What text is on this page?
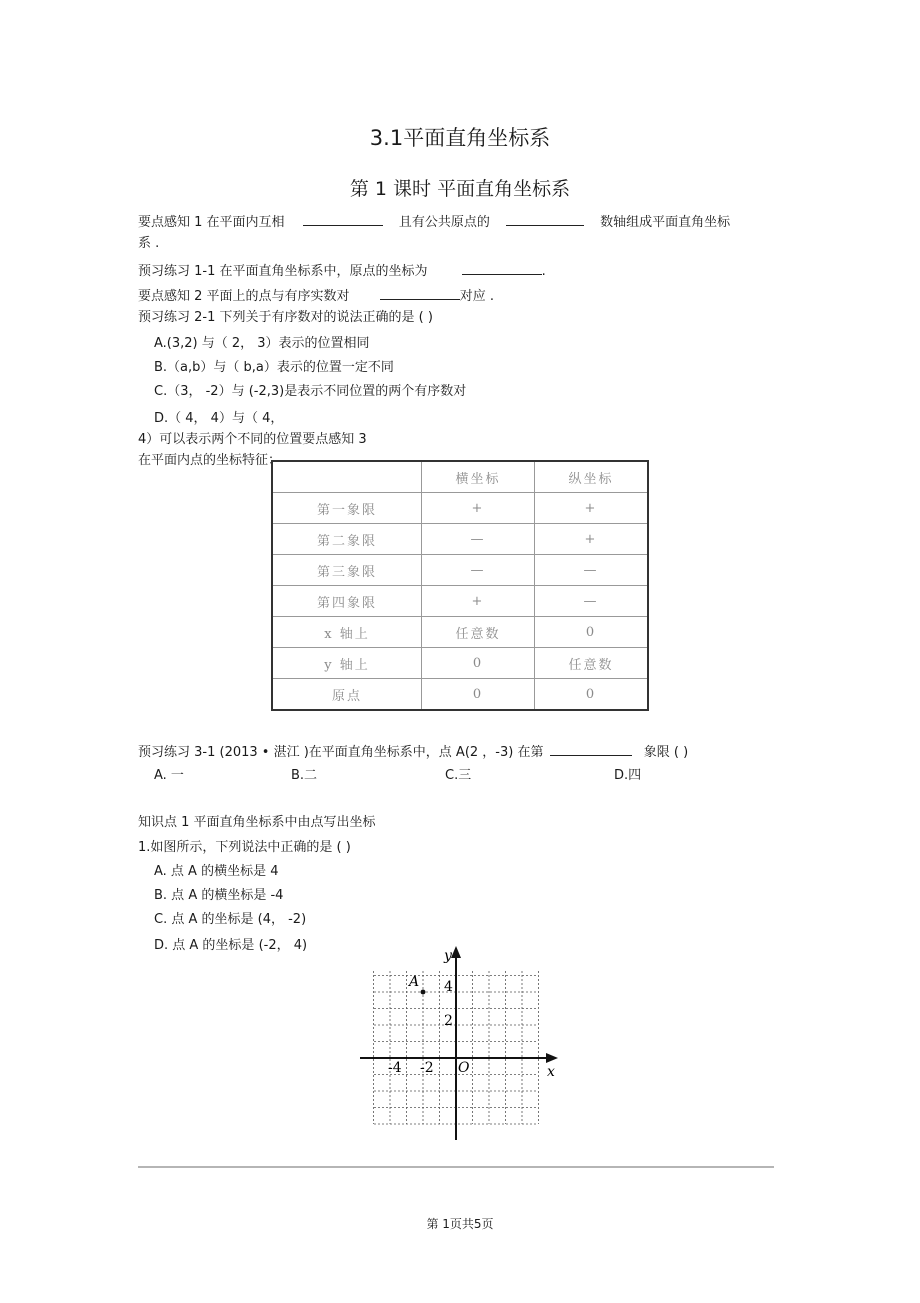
3.1平面直角坐标系
第 1 课时 平面直角坐标系
要点感知 1 在平面内互相	且有公共原点的	数轴组成平面直角坐标
系 .
预习练习 1-1 在平面直角坐标系中，原点的坐标为	.
要点感知 2 平面上的点与有序实数对	对应 .
预习练习 2-1 下列关于有序数对的说法正确的是 ( )
A.(3,2) 与（ 2， 3）表示的位置相同
B.（a,b）与（ b,a）表示的位置一定不同
C.（3， -2）与 (-2,3)是表示不同位置的两个有序数对
D.（ 4， 4）与（ 4，
4）可以表示两个不同的位置要点感知 3
在平面内点的坐标特征：
	横坐标	纵坐标
第一象限	+	+
第二象限	—	+
第三象限	—	—
第四象限	+	—
x 轴上	任意数	0
y 轴上	0	任意数
原点	0	0
预习练习 3-1 (2013 • 湛江 )在平面直角坐标系中，点 A(2 ，-3) 在第	象限 ( )
A. 一	B.二	C.三	D.四
知识点 1 平面直角坐标系中由点写出坐标
1.如图所示，下列说法中正确的是 ( )
A. 点 A 的横坐标是 4
B. 点 A 的横坐标是 -4
C. 点 A 的坐标是 (4， -2)
D. 点 A 的坐标是 (-2， 4)
x
y
O
-4 -2
4
2
A
第 1页共5页
